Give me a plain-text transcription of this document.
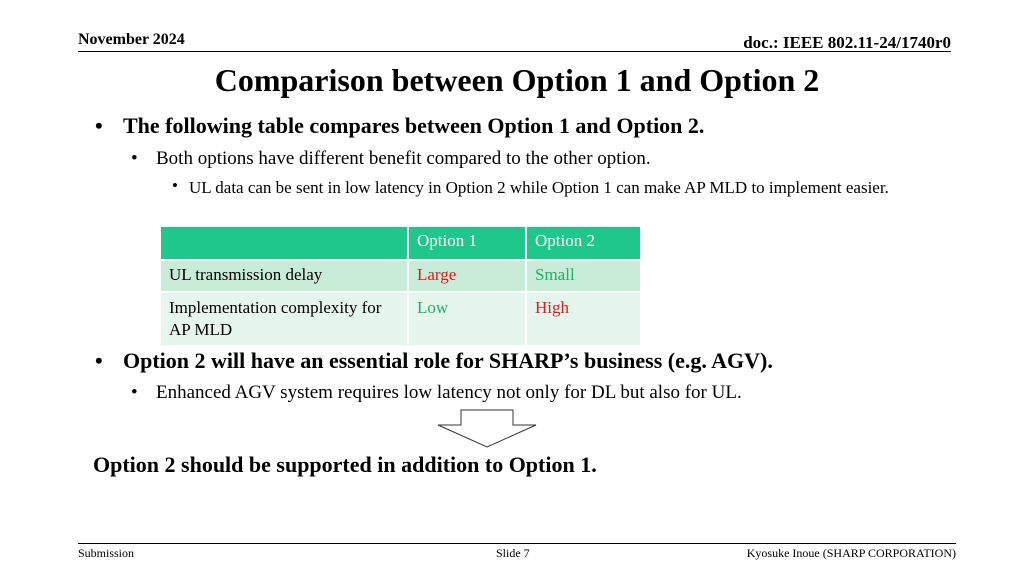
November 2024	doc.: IEEE 802.11-24/1740r0
Comparison between Option 1 and Option 2
• The following table compares between Option 1 and Option 2.
• Both options have different benefit compared to the other option.
• UL data can be sent in low latency in Option 2 while Option 1 can make AP MLD to implement easier.
	Option 1	Option 2
UL transmission delay	Large	Small
Implementation complexity for AP MLD	Low	High
• Option 2 will have an essential role for SHARP’s business (e.g. AGV).
• Enhanced AGV system requires low latency not only for DL but also for UL.
Option 2 should be supported in addition to Option 1.
Submission	Slide 7	Kyosuke Inoue (SHARP CORPORATION)
